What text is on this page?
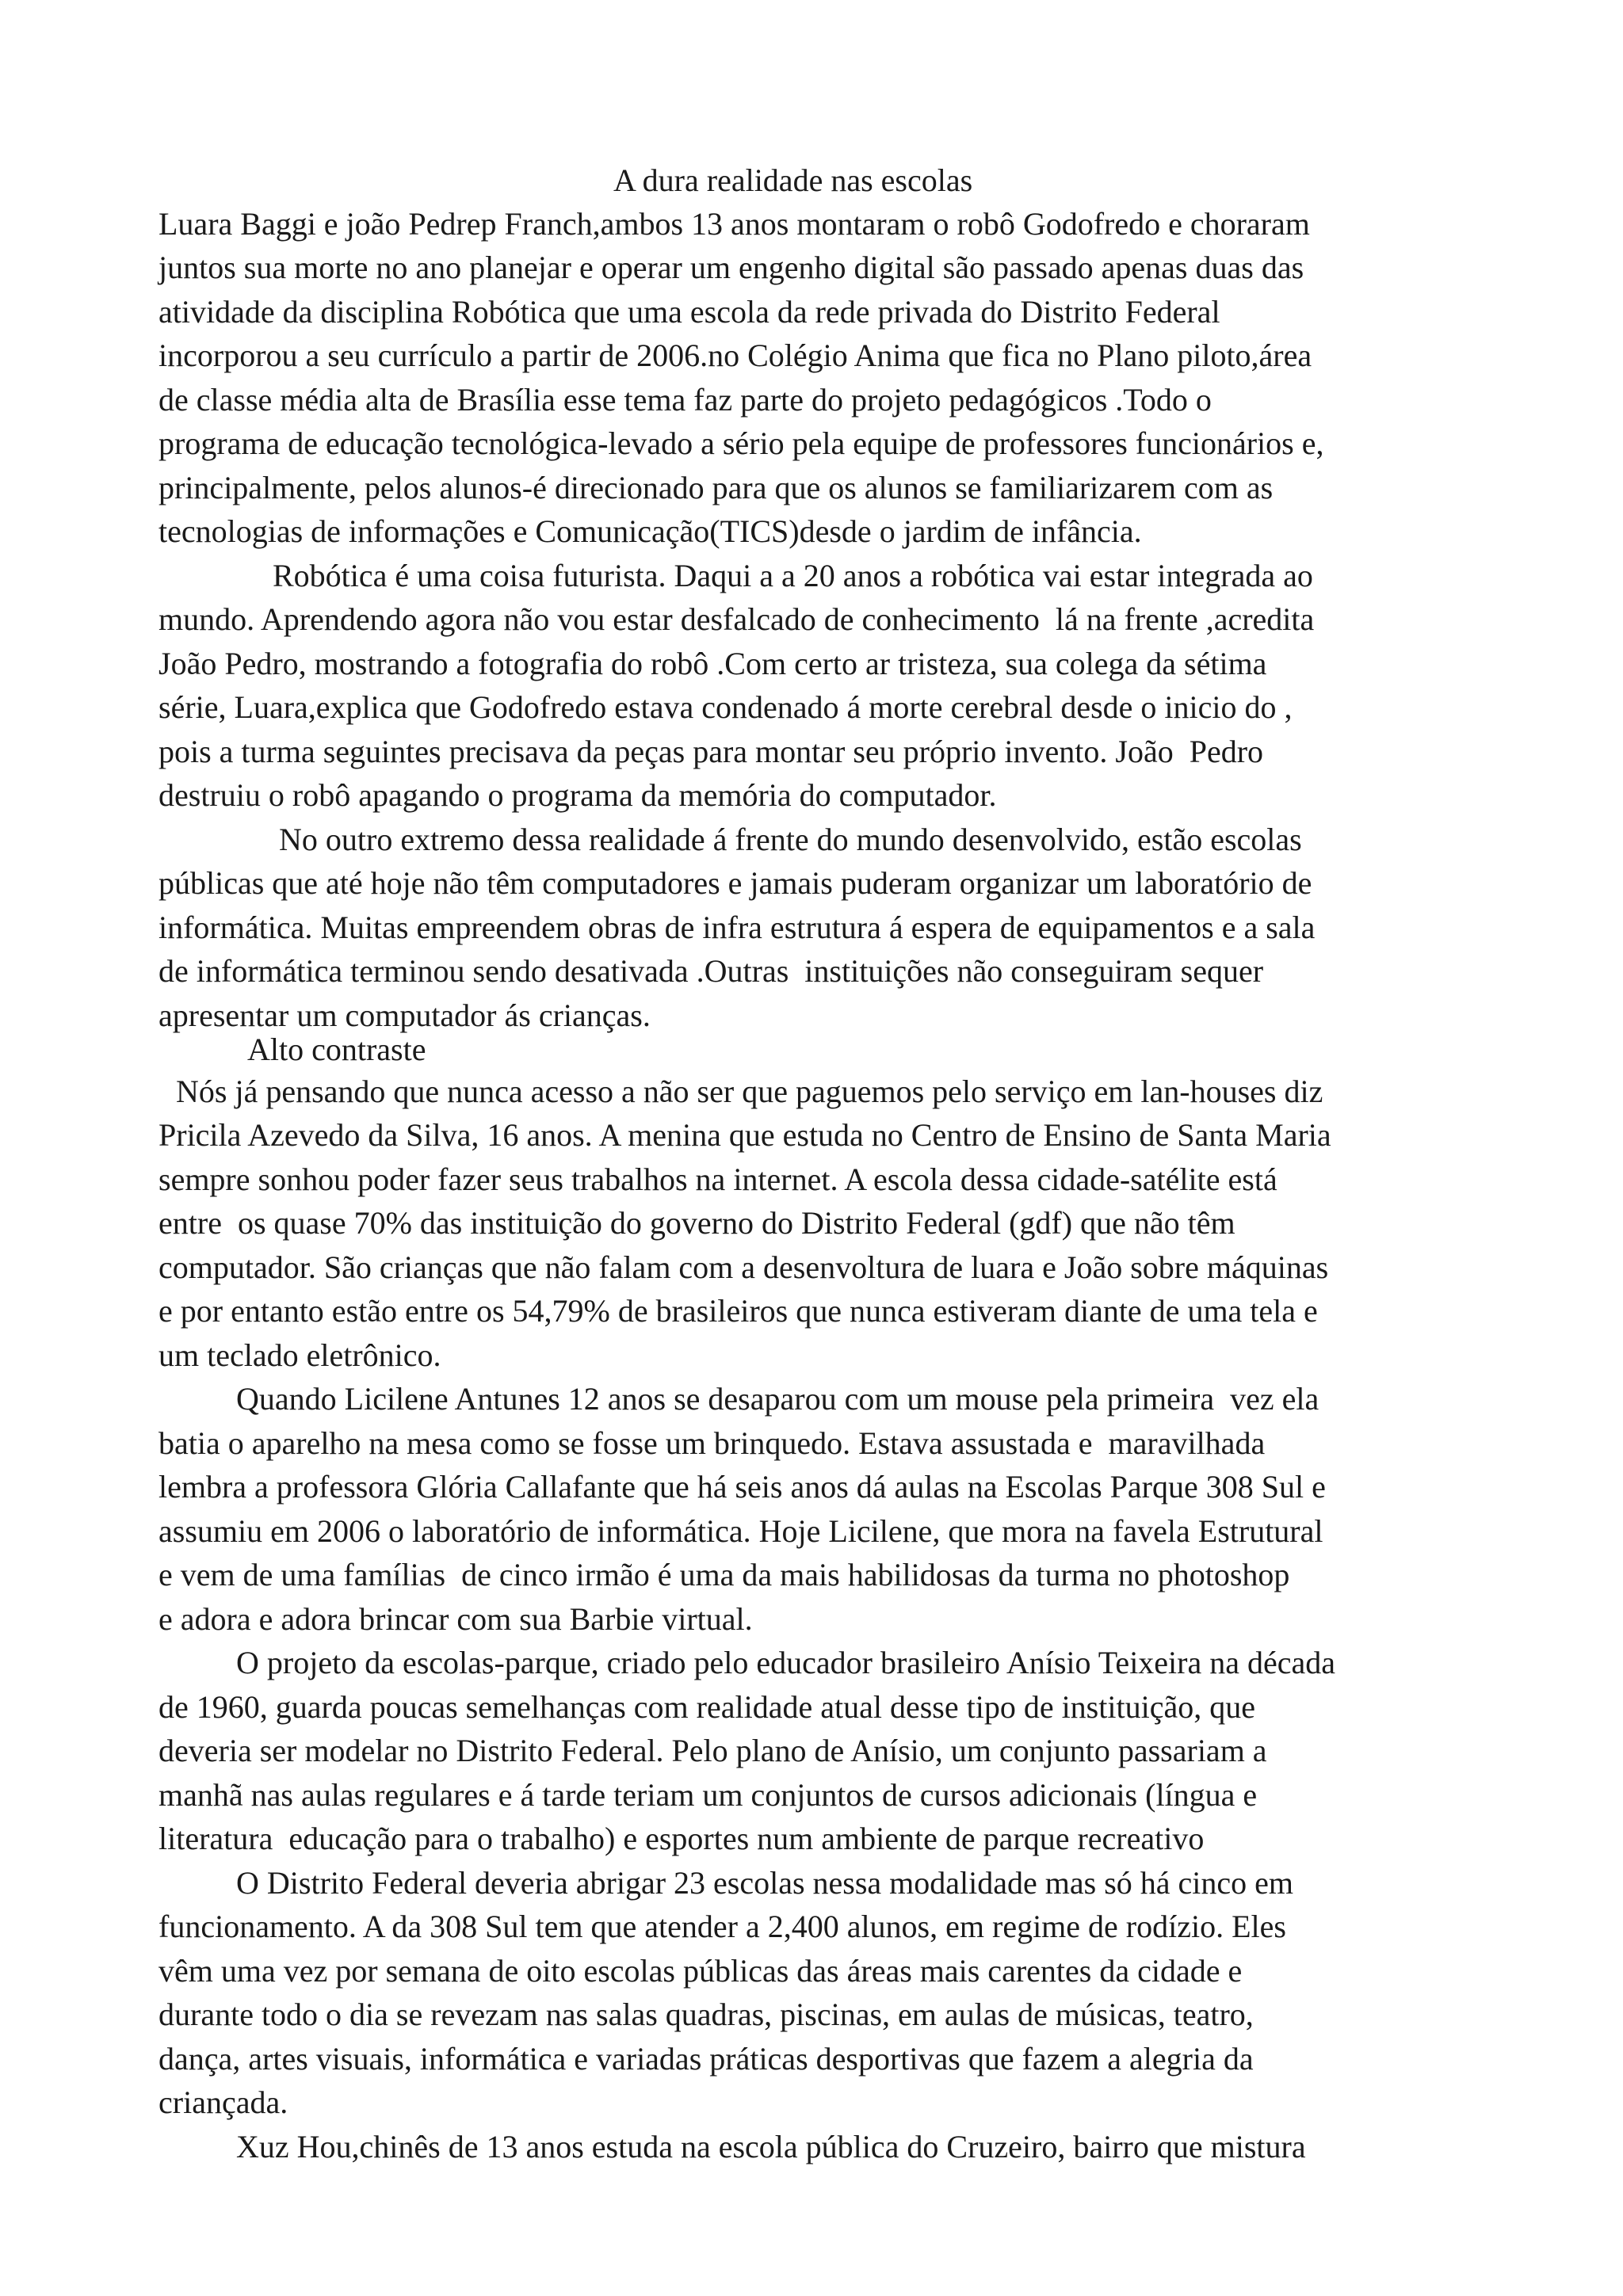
A dura realidade nas escolas
Luara Baggi e joão Pedrep Franch,ambos 13 anos montaram o robô Godofredo e choraram
juntos sua morte no ano planejar e operar um engenho digital são passado apenas duas das
atividade da disciplina Robótica que uma escola da rede privada do Distrito Federal
incorporou a seu currículo a partir de 2006.no Colégio Anima que fica no Plano piloto,área
de classe média alta de Brasília esse tema faz parte do projeto pedagógicos .Todo o
programa de educação tecnológica-levado a sério pela equipe de professores funcionários e,
principalmente, pelos alunos-é direcionado para que os alunos se familiarizarem com as
tecnologias de informações e Comunicação(TICS)desde o jardim de infância.
Robótica é uma coisa futurista. Daqui a a 20 anos a robótica vai estar integrada ao
mundo. Aprendendo agora não vou estar desfalcado de conhecimento  lá na frente ,acredita
João Pedro, mostrando a fotografia do robô .Com certo ar tristeza, sua colega da sétima
série, Luara,explica que Godofredo estava condenado á morte cerebral desde o inicio do ,
pois a turma seguintes precisava da peças para montar seu próprio invento. João  Pedro
destruiu o robô apagando o programa da memória do computador.
No outro extremo dessa realidade á frente do mundo desenvolvido, estão escolas
públicas que até hoje não têm computadores e jamais puderam organizar um laboratório de
informática. Muitas empreendem obras de infra estrutura á espera de equipamentos e a sala
de informática terminou sendo desativada .Outras  instituições não conseguiram sequer
apresentar um computador ás crianças.
Alto contraste
Nós já pensando que nunca acesso a não ser que paguemos pelo serviço em lan-houses diz
Pricila Azevedo da Silva, 16 anos. A menina que estuda no Centro de Ensino de Santa Maria
sempre sonhou poder fazer seus trabalhos na internet. A escola dessa cidade-satélite está
entre  os quase 70% das instituição do governo do Distrito Federal (gdf) que não têm
computador. São crianças que não falam com a desenvoltura de luara e João sobre máquinas
e por entanto estão entre os 54,79% de brasileiros que nunca estiveram diante de uma tela e
um teclado eletrônico.
Quando Licilene Antunes 12 anos se desaparou com um mouse pela primeira  vez ela
batia o aparelho na mesa como se fosse um brinquedo. Estava assustada e  maravilhada
lembra a professora Glória Callafante que há seis anos dá aulas na Escolas Parque 308 Sul e
assumiu em 2006 o laboratório de informática. Hoje Licilene, que mora na favela Estrutural
e vem de uma famílias  de cinco irmão é uma da mais habilidosas da turma no photoshop
e adora e adora brincar com sua Barbie virtual.
O projeto da escolas-parque, criado pelo educador brasileiro Anísio Teixeira na década
de 1960, guarda poucas semelhanças com realidade atual desse tipo de instituição, que
deveria ser modelar no Distrito Federal. Pelo plano de Anísio, um conjunto passariam a
manhã nas aulas regulares e á tarde teriam um conjuntos de cursos adicionais (língua e
literatura  educação para o trabalho) e esportes num ambiente de parque recreativo
O Distrito Federal deveria abrigar 23 escolas nessa modalidade mas só há cinco em
funcionamento. A da 308 Sul tem que atender a 2,400 alunos, em regime de rodízio. Eles
vêm uma vez por semana de oito escolas públicas das áreas mais carentes da cidade e
durante todo o dia se revezam nas salas quadras, piscinas, em aulas de músicas, teatro,
dança, artes visuais, informática e variadas práticas desportivas que fazem a alegria da
criançada.
Xuz Hou,chinês de 13 anos estuda na escola pública do Cruzeiro, bairro que mistura
